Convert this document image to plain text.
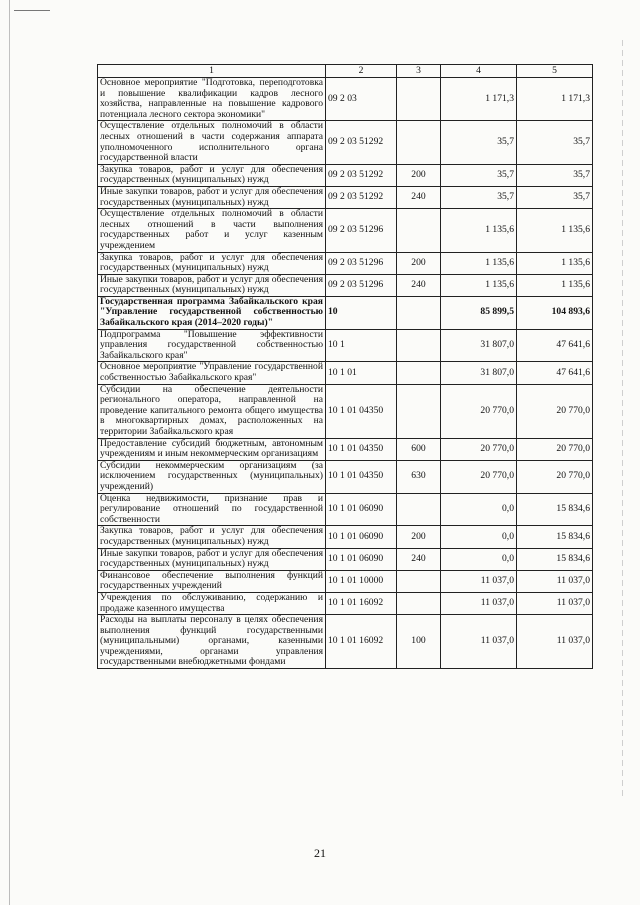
1	2	3	4	5
Основное мероприятие "Подготовка, переподготовка и повышение квалификации кадров лесного хозяйства, направленные на повышение кадрового потенциала лесного сектора экономики"	09 2 03		1 171,3	1 171,3
Осуществление отдельных полномочий в области лесных отношений в части содержания аппарата уполномоченного исполнительного органа государственной власти	09 2 03 51292		35,7	35,7
Закупка товаров, работ и услуг для обеспечения государственных (муниципальных) нужд	09 2 03 51292	200	35,7	35,7
Иные закупки товаров, работ и услуг для обеспечения государственных (муниципальных) нужд	09 2 03 51292	240	35,7	35,7
Осуществление отдельных полномочий в области лесных отношений в части выполнения государственных работ и услуг казенным учреждением	09 2 03 51296		1 135,6	1 135,6
Закупка товаров, работ и услуг для обеспечения государственных (муниципальных) нужд	09 2 03 51296	200	1 135,6	1 135,6
Иные закупки товаров, работ и услуг для обеспечения государственных (муниципальных) нужд	09 2 03 51296	240	1 135,6	1 135,6
Государственная программа Забайкальского края "Управление государственной собственностью Забайкальского края (2014–2020 годы)"	10		85 899,5	104 893,6
Подпрограмма "Повышение эффективности управления государственной собственностью Забайкальского края"	10 1		31 807,0	47 641,6
Основное мероприятие "Управление государственной собственностью Забайкальского края"	10 1 01		31 807,0	47 641,6
Субсидии на обеспечение деятельности регионального оператора, направленной на проведение капитального ремонта общего имущества в многоквартирных домах, расположенных на территории Забайкальского края	10 1 01 04350		20 770,0	20 770,0
Предоставление субсидий бюджетным, автономным учреждениям и иным некоммерческим организациям	10 1 01 04350	600	20 770,0	20 770,0
Субсидии некоммерческим организациям (за исключением государственных (муниципальных) учреждений)	10 1 01 04350	630	20 770,0	20 770,0
Оценка недвижимости, признание прав и регулирование отношений по государственной собственности	10 1 01 06090		0,0	15 834,6
Закупка товаров, работ и услуг для обеспечения государственных (муниципальных) нужд	10 1 01 06090	200	0,0	15 834,6
Иные закупки товаров, работ и услуг для обеспечения государственных (муниципальных) нужд	10 1 01 06090	240	0,0	15 834,6
Финансовое обеспечение выполнения функций государственных учреждений	10 1 01 10000		11 037,0	11 037,0
Учреждения по обслуживанию, содержанию и продаже казенного имущества	10 1 01 16092		11 037,0	11 037,0
Расходы на выплаты персоналу в целях обеспечения выполнения функций государственными (муниципальными) органами, казенными учреждениями, органами управления государственными внебюджетными фондами	10 1 01 16092	100	11 037,0	11 037,0
21
